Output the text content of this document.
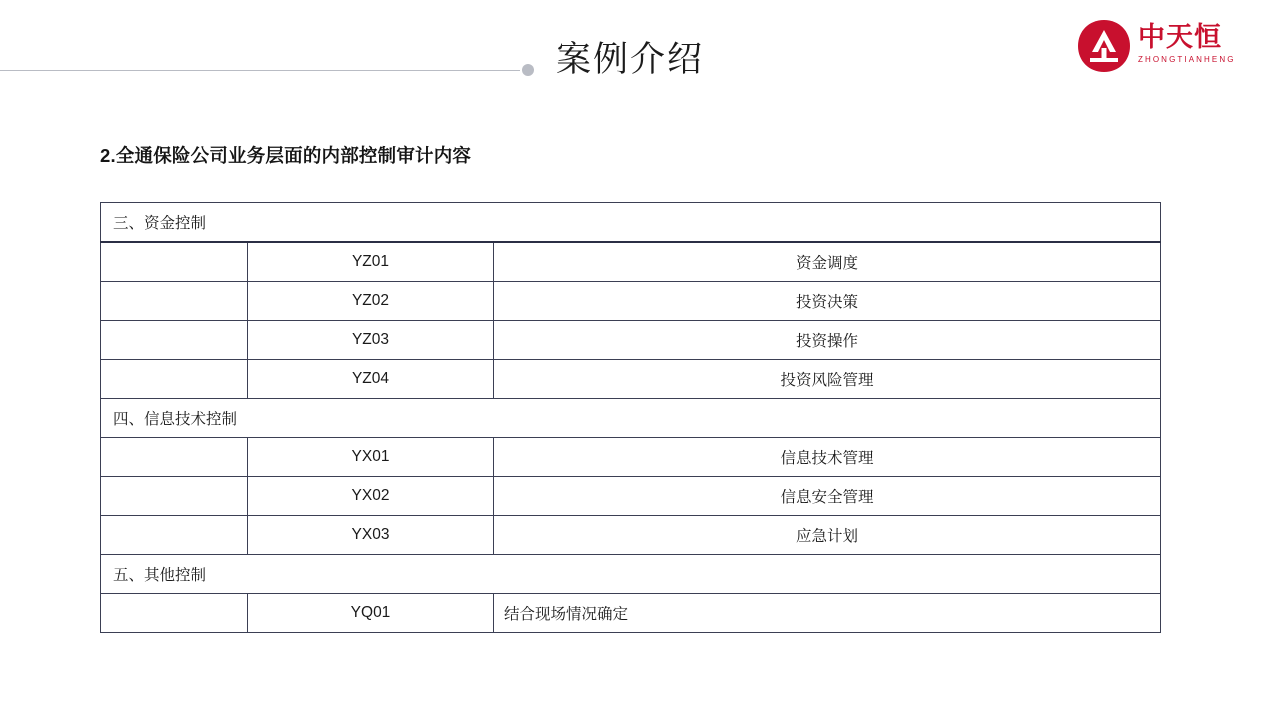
案例介绍
中天恒
ZHONGTIANHENG
2.全通保险公司业务层面的内部控制审计内容
三、资金控制		
	YZ01	资金调度
	YZ02	投资决策
	YZ03	投资操作
	YZ04	投资风险管理
四、信息技术控制		
	YX01	信息技术管理
	YX02	信息安全管理
	YX03	应急计划
五、其他控制		
	YQ01	结合现场情况确定
